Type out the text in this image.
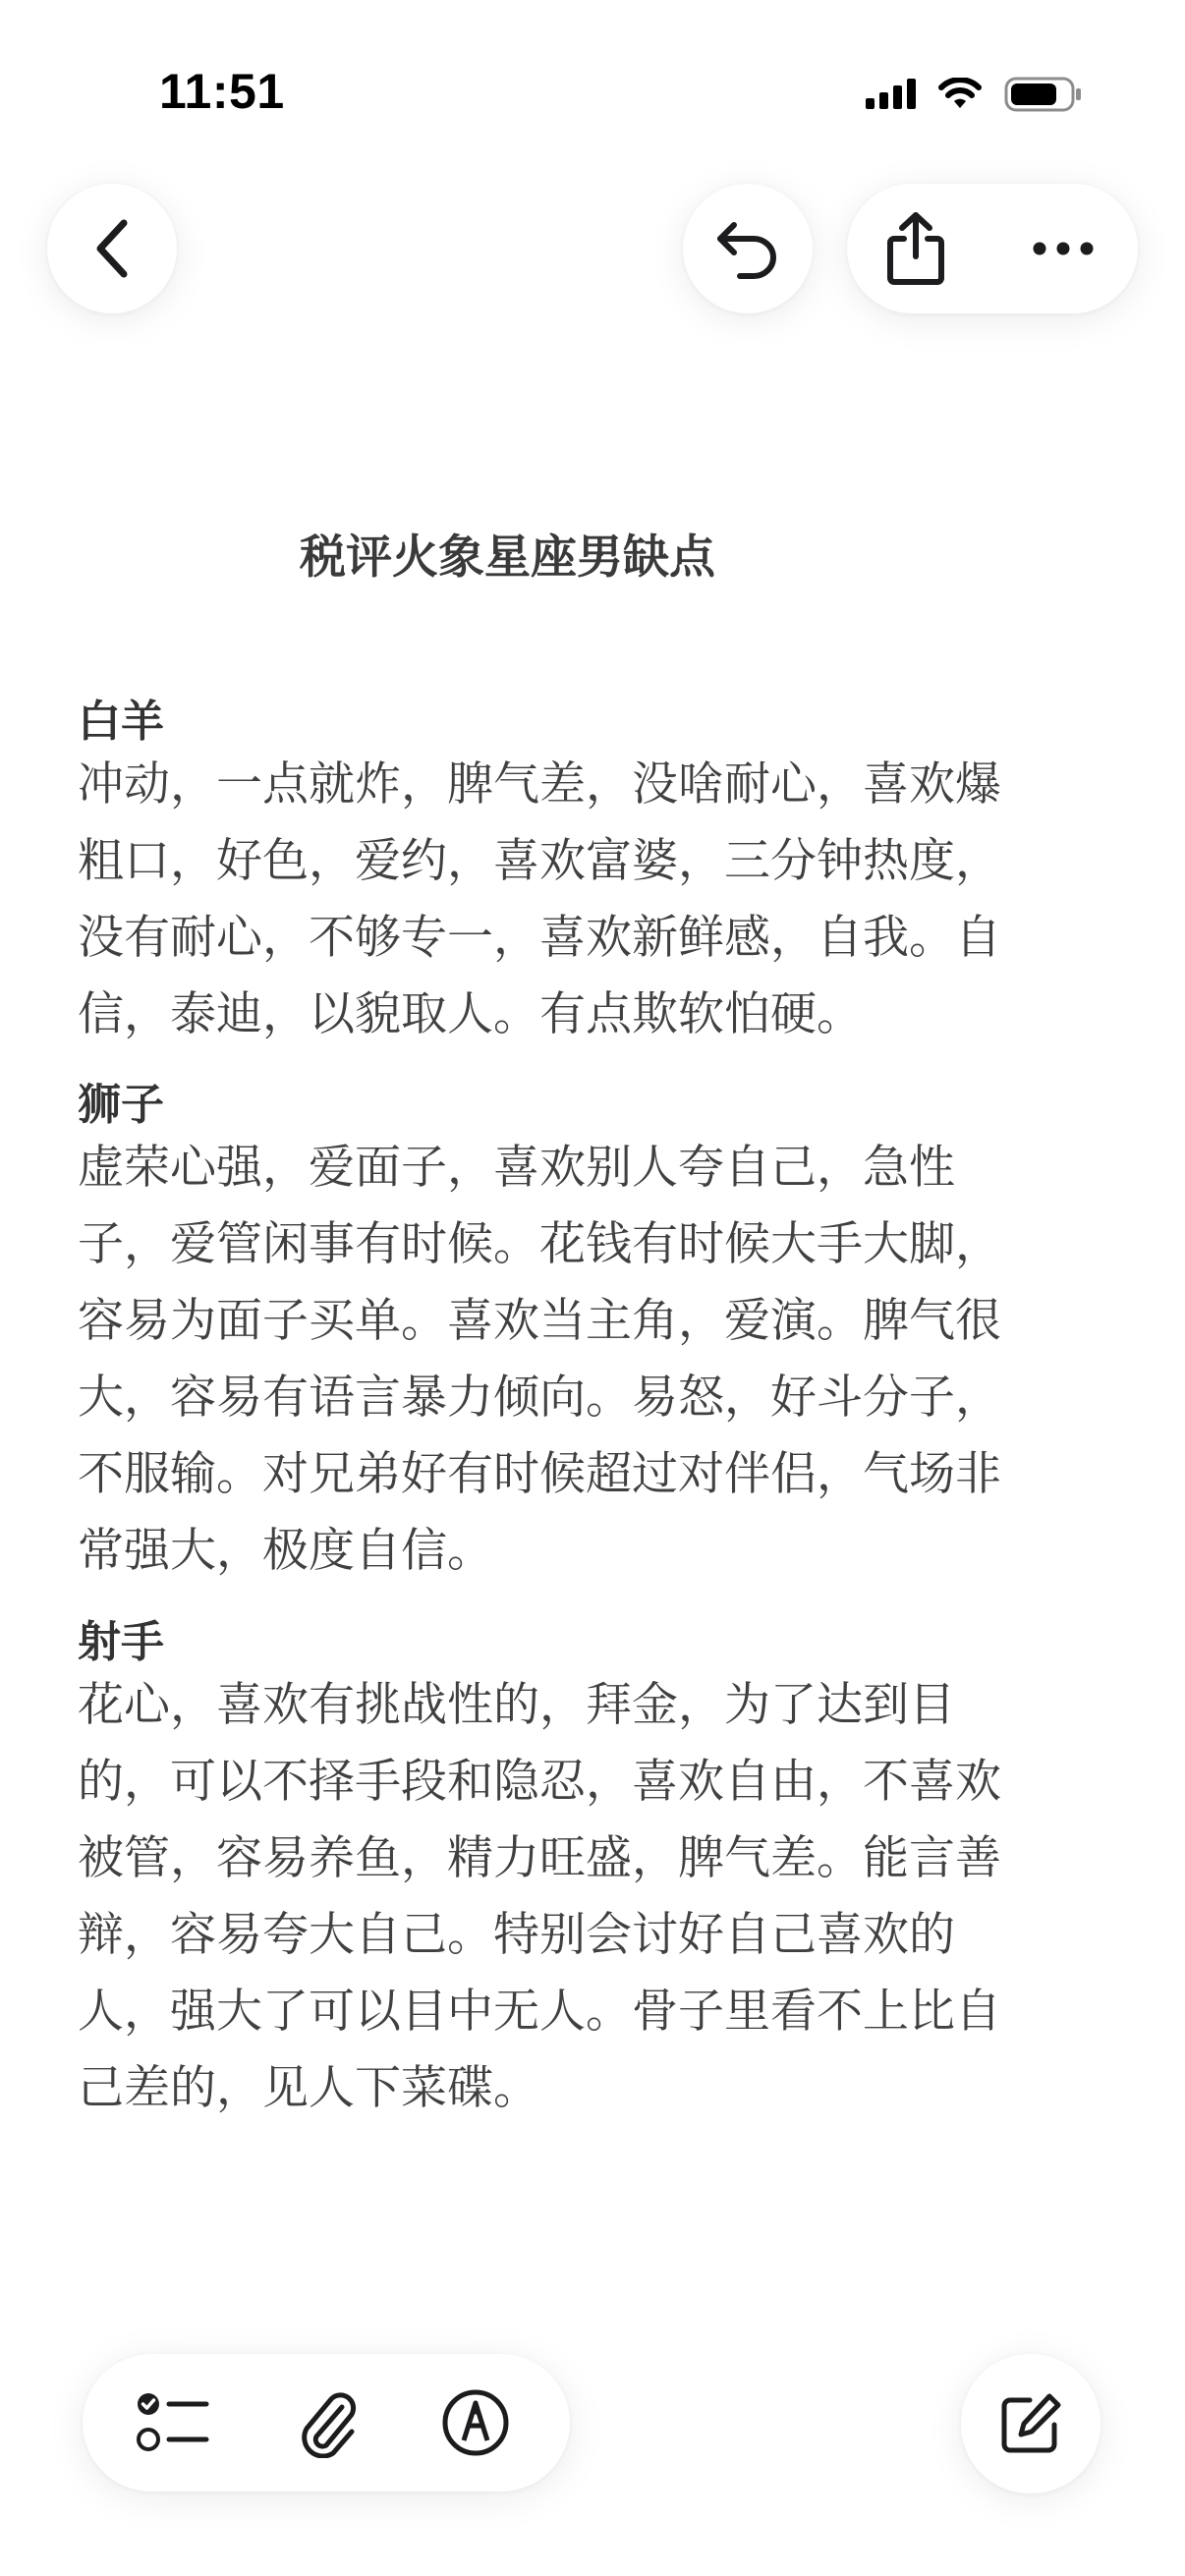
11:51
税评火象星座男缺点
白羊
冲动，一点就炸，脾气差，没啥耐心，喜欢爆
粗口，好色，爱约，喜欢富婆，三分钟热度，
没有耐心，不够专一，喜欢新鲜感，自我。自
信，泰迪，以貌取人。有点欺软怕硬。
狮子
虚荣心强，爱面子，喜欢别人夸自己，急性
子，爱管闲事有时候。花钱有时候大手大脚，
容易为面子买单。喜欢当主角，爱演。脾气很
大，容易有语言暴力倾向。易怒，好斗分子，
不服输。对兄弟好有时候超过对伴侣，气场非
常强大，极度自信。
射手
花心，喜欢有挑战性的，拜金，为了达到目
的，可以不择手段和隐忍，喜欢自由，不喜欢
被管，容易养鱼，精力旺盛，脾气差。能言善
辩，容易夸大自己。特别会讨好自己喜欢的
人，强大了可以目中无人。骨子里看不上比自
己差的，见人下菜碟。
